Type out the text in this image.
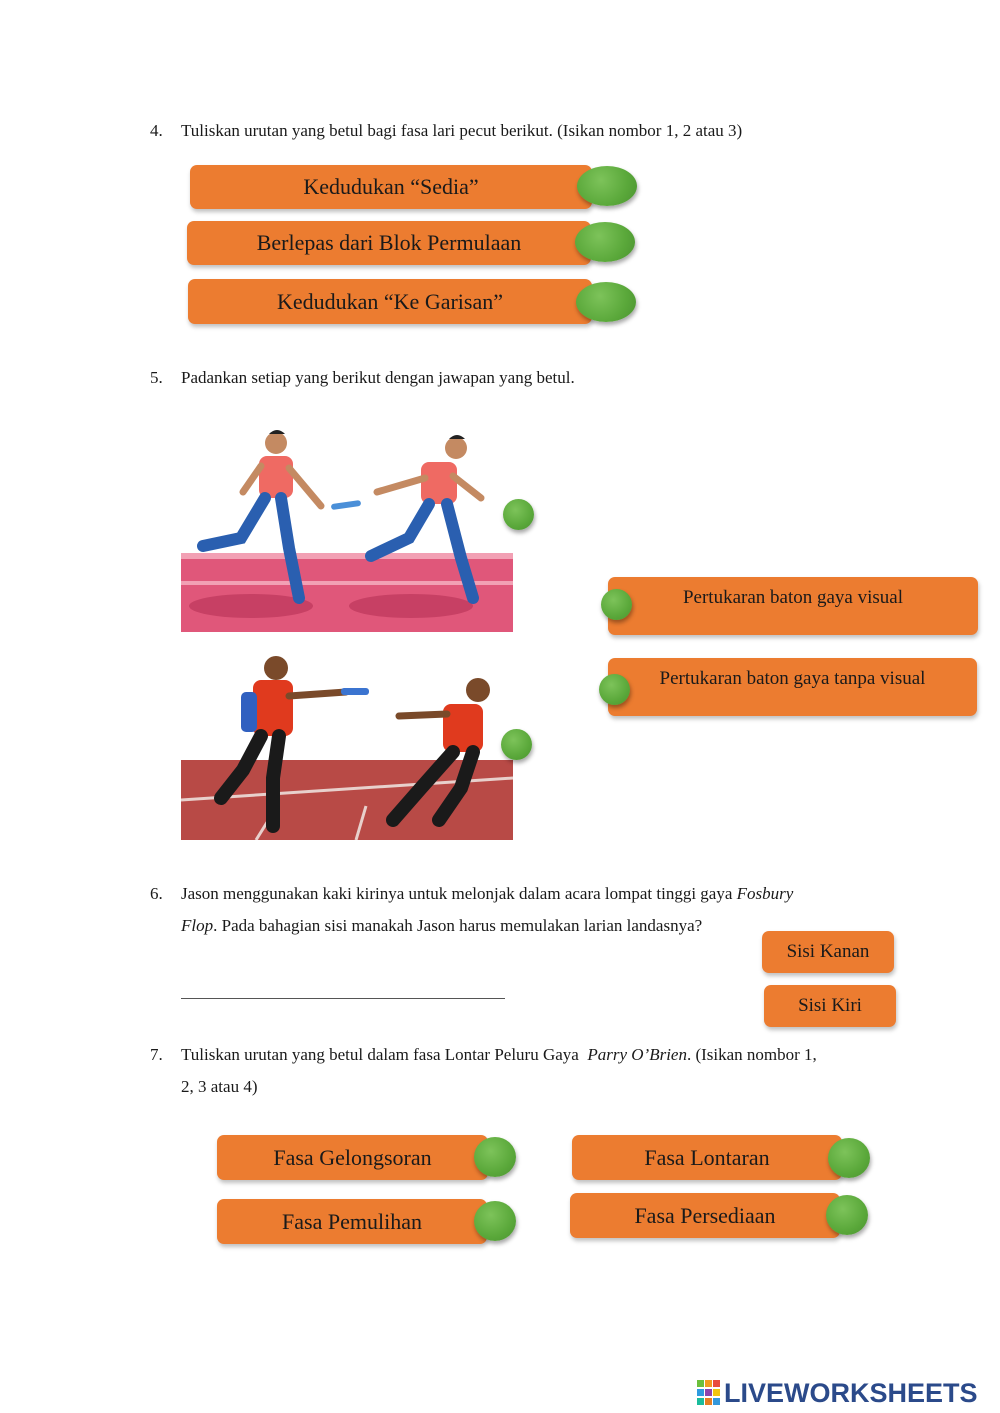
4. Tuliskan urutan yang betul bagi fasa lari pecut berikut. (Isikan nombor 1, 2 atau 3)
Kedudukan “Sedia”
Berlepas dari Blok Permulaan
Kedudukan “Ke Garisan”
5. Padankan setiap yang berikut dengan jawapan yang betul.
Pertukaran baton gaya visual
Pertukaran baton gaya tanpa visual
6. Jason menggunakan kaki kirinya untuk melonjak dalam acara lompat tinggi gaya Fosbury
Flop. Pada bahagian sisi manakah Jason harus memulakan larian landasnya?
Sisi Kanan
Sisi Kiri
7. Tuliskan urutan yang betul dalam fasa Lontar Peluru Gaya  Parry O’Brien. (Isikan nombor 1,
2, 3 atau 4)
Fasa Gelongsoran	Fasa Lontaran
Fasa Pemulihan	Fasa Persediaan
LIVEWORKSHEETS
